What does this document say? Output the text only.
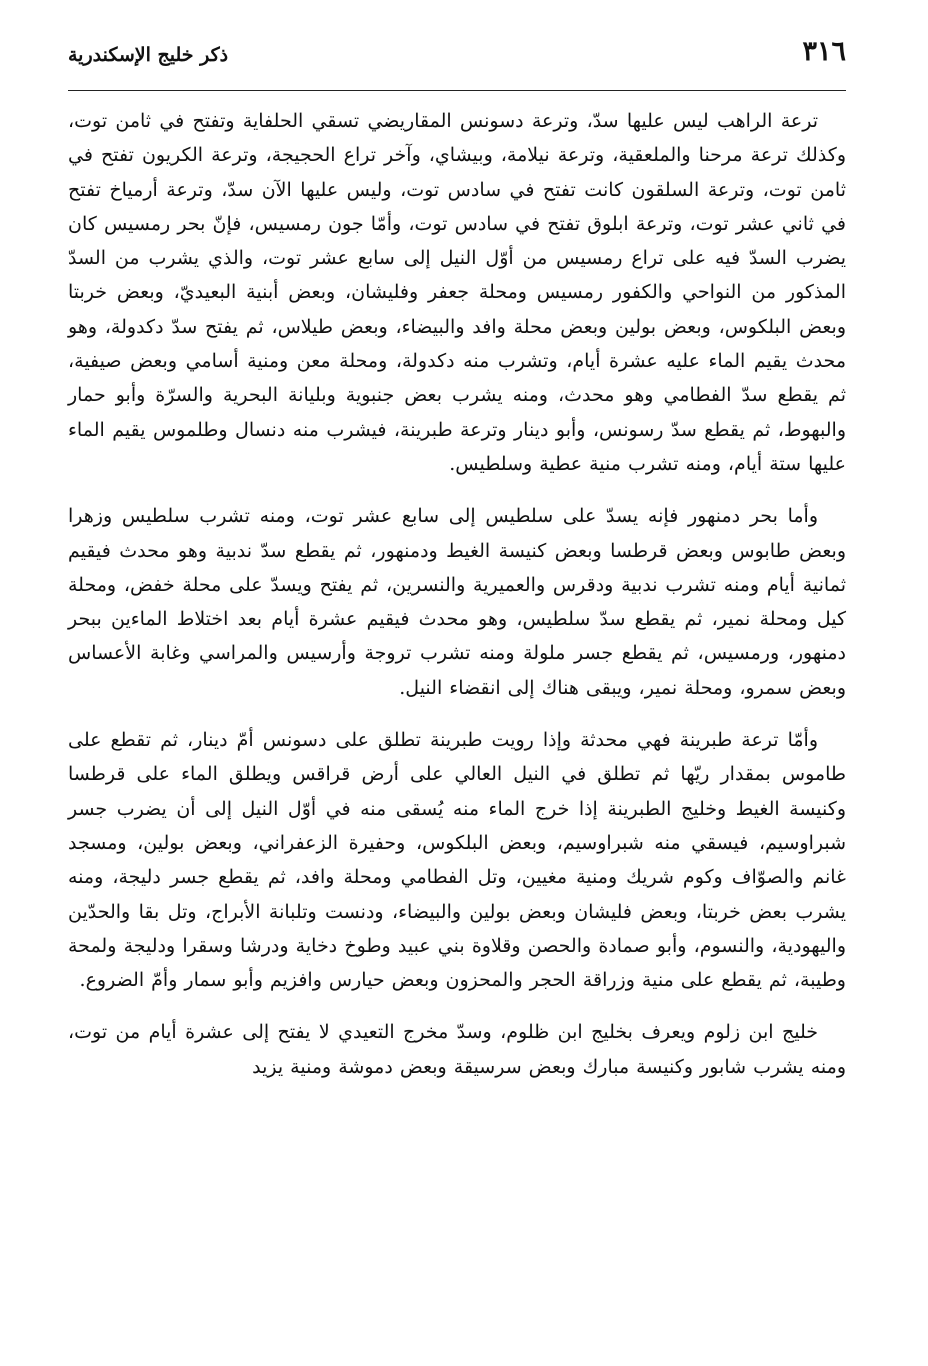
٣١٦
ذكر خليج الإسكندرية

ترعة الراهب ليس عليها سدّ، وترعة دسونس المقاريضي تسقي الحلفاية وتفتح في ثامن توت، وكذلك ترعة مرحنا والملعقية، وترعة نيلامة، وبيشاي، وآخر تراع الحجيجة، وترعة الكريون تفتح في ثامن توت، وترعة السلقون كانت تفتح في سادس توت، وليس عليها الآن سدّ، وترعة أرمياخ تفتح في ثاني عشر توت، وترعة ابلوق تفتح في سادس توت، وأمّا جون رمسيس، فإنّ بحر رمسيس كان يضرب السدّ فيه على تراع رمسيس من أوّل النيل إلى سابع عشر توت، والذي يشرب من السدّ المذكور من النواحي والكفور رمسيس ومحلة جعفر وفليشان، وبعض أبنية البعيديّ، وبعض خربتا وبعض البلكوس، وبعض بولين وبعض محلة وافد والبيضاء، وبعض طيلاس، ثم يفتح سدّ دكدولة، وهو محدث يقيم الماء عليه عشرة أيام، وتشرب منه دكدولة، ومحلة معن ومنية أسامي وبعض صيفية، ثم يقطع سدّ الفطامي وهو محدث، ومنه يشرب بعض جنبوية وبليانة البحرية والسرّة وأبو حمار والبهوط، ثم يقطع سدّ رسونس، وأبو دينار وترعة طبرينة، فيشرب منه دنسال وطلموس يقيم الماء عليها ستة أيام، ومنه تشرب منية عطية وسلطيس.

وأما بحر دمنهور فإنه يسدّ على سلطيس إلى سابع عشر توت، ومنه تشرب سلطيس وزهرا وبعض طابوس وبعض قرطسا وبعض كنيسة الغيط ودمنهور، ثم يقطع سدّ ندبية وهو محدث فيقيم ثمانية أيام ومنه تشرب ندبية ودقرس والعميرية والنسرين، ثم يفتح ويسدّ على محلة خفض، ومحلة كيل ومحلة نمير، ثم يقطع سدّ سلطيس، وهو محدث فيقيم عشرة أيام بعد اختلاط الماءين ببحر دمنهور، ورمسيس، ثم يقطع جسر ملولة ومنه تشرب تروجة وأرسيس والمراسي وغابة الأعساس وبعض سمرو، ومحلة نمير، ويبقى هناك إلى انقضاء النيل.

وأمّا ترعة طبرينة فهي محدثة وإذا رويت طبرينة تطلق على دسونس أمّ دينار، ثم تقطع على طاموس بمقدار ريّها ثم تطلق في النيل العالي على أرض قراقس ويطلق الماء على قرطسا وكنيسة الغيط وخليج الطبرينة إذا خرج الماء منه يُسقى منه في أوّل النيل إلى أن يضرب جسر شبراوسيم، فيسقي منه شبراوسيم، وبعض البلكوس، وحفيرة الزعفراني، وبعض بولين، ومسجد غانم والصوّاف وكوم شريك ومنية مغيين، وتل الفطامي ومحلة وافد، ثم يقطع جسر دليجة، ومنه يشرب بعض خربتا، وبعض فليشان وبعض بولين والبيضاء، ودنست وتلبانة الأبراج، وتل بقا والحدّين واليهودية، والنسوم، وأبو صمادة والحصن وقلاوة بني عبيد وطوخ دخاية ودرشا وسقرا ودليجة ولمحة وطيبة، ثم يقطع على منية وزراقة الحجر والمحزون وبعض حيارس وافزيم وأبو سمار وأمّ الضروع.

خليج ابن زلوم ويعرف بخليج ابن ظلوم، وسدّ مخرج التعيدي لا يفتح إلى عشرة أيام من توت، ومنه يشرب شابور وكنيسة مبارك وبعض سرسيقة وبعض دموشة ومنية يزيد
